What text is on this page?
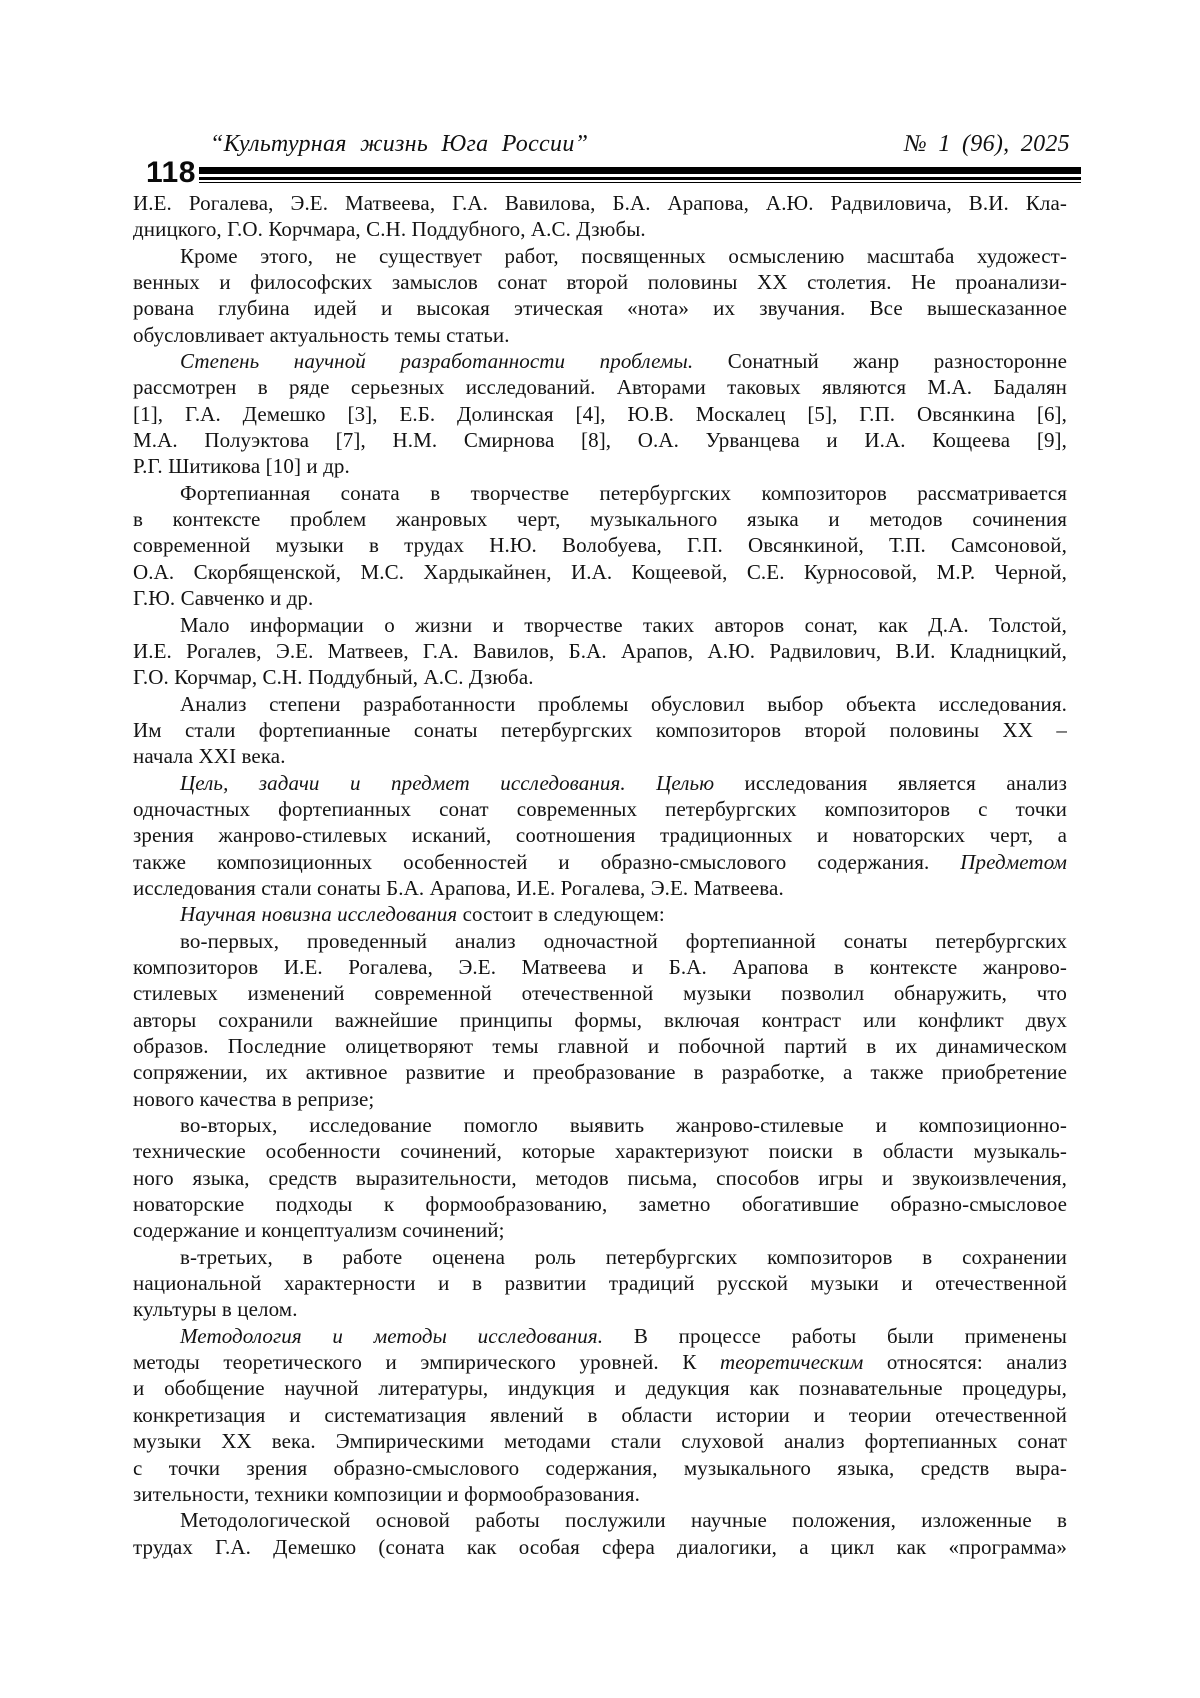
118
“Культурная жизнь Юга России”	№ 1 (96), 2025
И.Е. Рогалева, Э.Е. Матвеева, Г.А. Вавилова, Б.А. Арапова, А.Ю. Радвиловича, В.И. Кла-
дницкого, Г.О. Корчмара, С.Н. Поддубного, А.С. Дзюбы.
Кроме этого, не существует работ, посвященных осмыслению масштаба художест-
венных и философских замыслов сонат второй половины XX столетия. Не проанализи-
рована глубина идей и высокая этическая «нота» их звучания. Все вышесказанное
обусловливает актуальность темы статьи.
Степень научной разработанности проблемы. Сонатный жанр разносторонне
рассмотрен в ряде серьезных исследований. Авторами таковых являются М.А. Бадалян
[1], Г.А. Демешко [3], Е.Б. Долинская [4], Ю.В. Москалец [5], Г.П. Овсянкина [6],
М.А. Полуэктова [7], Н.М. Смирнова [8], О.А. Урванцева и И.А. Кощеева [9],
Р.Г. Шитикова [10] и др.
Фортепианная соната в творчестве петербургских композиторов рассматривается
в контексте проблем жанровых черт, музыкального языка и методов сочинения
современной музыки в трудах Н.Ю. Волобуева, Г.П. Овсянкиной, Т.П. Самсоновой,
О.А. Скорбященской, М.С. Хардыкайнен, И.А. Кощеевой, С.Е. Курносовой, М.Р. Черной,
Г.Ю. Савченко и др.
Мало информации о жизни и творчестве таких авторов сонат, как Д.А. Толстой,
И.Е. Рогалев, Э.Е. Матвеев, Г.А. Вавилов, Б.А. Арапов, А.Ю. Радвилович, В.И. Кладницкий,
Г.О. Корчмар, С.Н. Поддубный, А.С. Дзюба.
Анализ степени разработанности проблемы обусловил выбор объекта исследования.
Им стали фортепианные сонаты петербургских композиторов второй половины XX –
начала XXI века.
Цель, задачи и предмет исследования. Целью исследования является анализ
одночастных фортепианных сонат современных петербургских композиторов с точки
зрения жанрово-стилевых исканий, соотношения традиционных и новаторских черт, а
также композиционных особенностей и образно-смыслового содержания. Предметом
исследования стали сонаты Б.А. Арапова, И.Е. Рогалева, Э.Е. Матвеева.
Научная новизна исследования состоит в следующем:
во-первых, проведенный анализ одночастной фортепианной сонаты петербургских
композиторов И.Е. Рогалева, Э.Е. Матвеева и Б.А. Арапова в контексте жанрово-
стилевых изменений современной отечественной музыки позволил обнаружить, что
авторы сохранили важнейшие принципы формы, включая контраст или конфликт двух
образов. Последние олицетворяют темы главной и побочной партий в их динамическом
сопряжении, их активное развитие и преобразование в разработке, а также приобретение
нового качества в репризе;
во-вторых, исследование помогло выявить жанрово-стилевые и композиционно-
технические особенности сочинений, которые характеризуют поиски в области музыкаль-
ного языка, средств выразительности, методов письма, способов игры и звукоизвлечения,
новаторские подходы к формообразованию, заметно обогатившие образно-смысловое
содержание и концептуализм сочинений;
в-третьих, в работе оценена роль петербургских композиторов в сохранении
национальной характерности и в развитии традиций русской музыки и отечественной
культуры в целом.
Методология и методы исследования. В процессе работы были применены
методы теоретического и эмпирического уровней. К теоретическим относятся: анализ
и обобщение научной литературы, индукция и дедукция как познавательные процедуры,
конкретизация и систематизация явлений в области истории и теории отечественной
музыки XX века. Эмпирическими методами стали слуховой анализ фортепианных сонат
с точки зрения образно-смыслового содержания, музыкального языка, средств выра-
зительности, техники композиции и формообразования.
Методологической основой работы послужили научные положения, изложенные в
трудах Г.А. Демешко (соната как особая сфера диалогики, а цикл как «программа»
